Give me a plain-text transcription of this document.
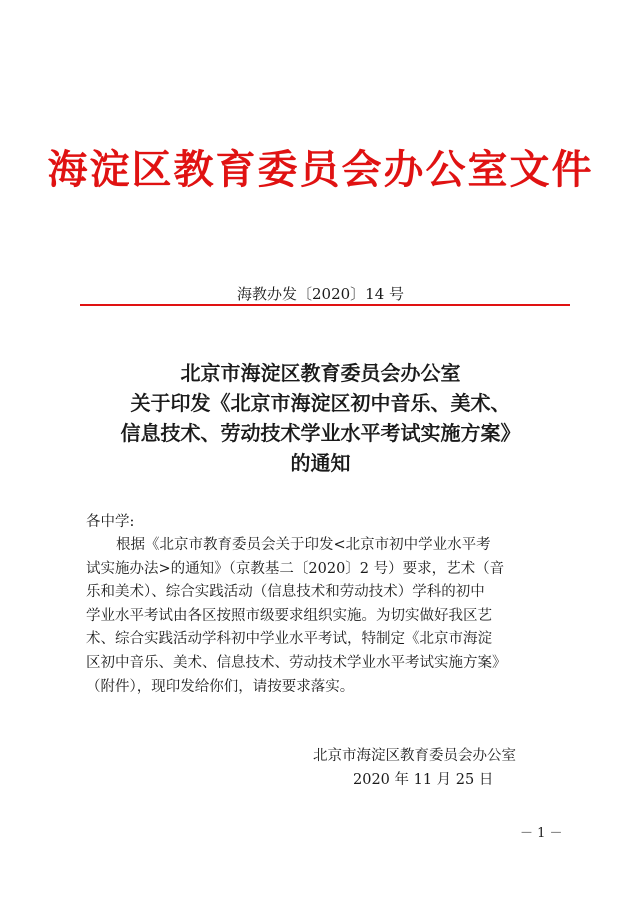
海淀区教育委员会办公室文件
海教办发〔2020〕14 号
北京市海淀区教育委员会办公室
关于印发《北京市海淀区初中音乐、美术、
信息技术、劳动技术学业水平考试实施方案》
的通知
各中学:
根据《北京市教育委员会关于印发<北京市初中学业水平考
试实施办法>的通知》（京教基二〔2020〕2 号）要求，艺术（音
乐和美术）、综合实践活动（信息技术和劳动技术）学科的初中
学业水平考试由各区按照市级要求组织实施。为切实做好我区艺
术、综合实践活动学科初中学业水平考试，特制定《北京市海淀
区初中音乐、美术、信息技术、劳动技术学业水平考试实施方案》
（附件），现印发给你们，请按要求落实。
北京市海淀区教育委员会办公室
2020 年 11 月 25 日
－ 1 －
